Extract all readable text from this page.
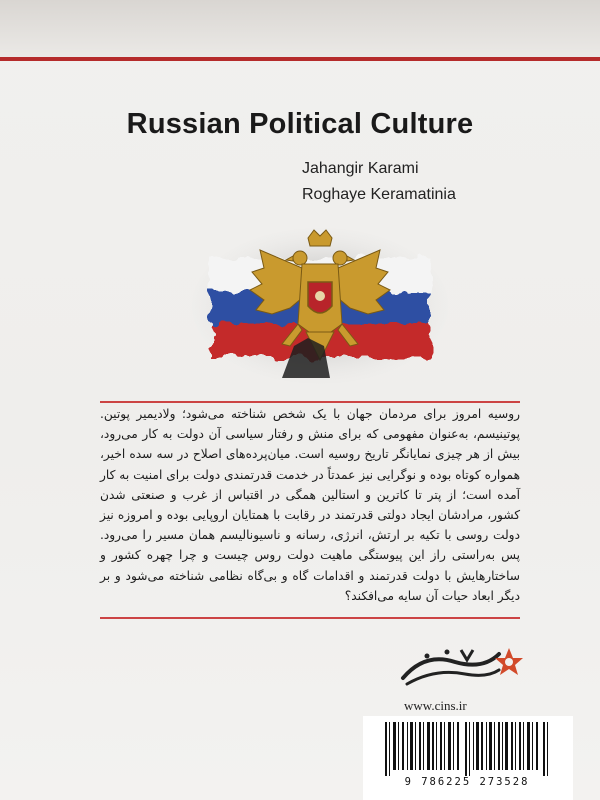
Russian Political Culture
Jahangir Karami
Roghaye Keramatinia
روسیه امروز برای مردمان جهان با یک شخص شناخته می‌شود؛ ولادیمیر پوتین. پوتینیسم، به‌عنوان مفهومی که برای منش و رفتار سیاسی آن دولت به کار می‌رود، بیش از هر چیزی نمایانگر تاریخ روسیه است. میان‌پرده‌های اصلاح در سه سده اخیر، همواره کوتاه بوده و نوگرایی نیز عمدتاً در خدمت قدرتمندی دولت برای امنیت به کار آمده است؛ از پتر تا کاترین و استالین همگی در اقتباس از غرب و صنعتی شدن کشور، مرادشان ایجاد دولتی قدرتمند در رقابت با همتایان اروپایی بوده و امروزه نیز دولت روسی با تکیه بر ارتش، انرژی، رسانه و ناسیونالیسم همان مسیر را می‌رود. پس به‌راستی راز این پیوستگی ماهیت دولت روس چیست و چرا چهره کشور و ساختارهایش با دولت قدرتمند و اقدامات گاه و بی‌گاه نظامی شناخته می‌شود و بر دیگر ابعاد حیات آن سایه می‌افکند؟
www.cins.ir
9 786225 273528
